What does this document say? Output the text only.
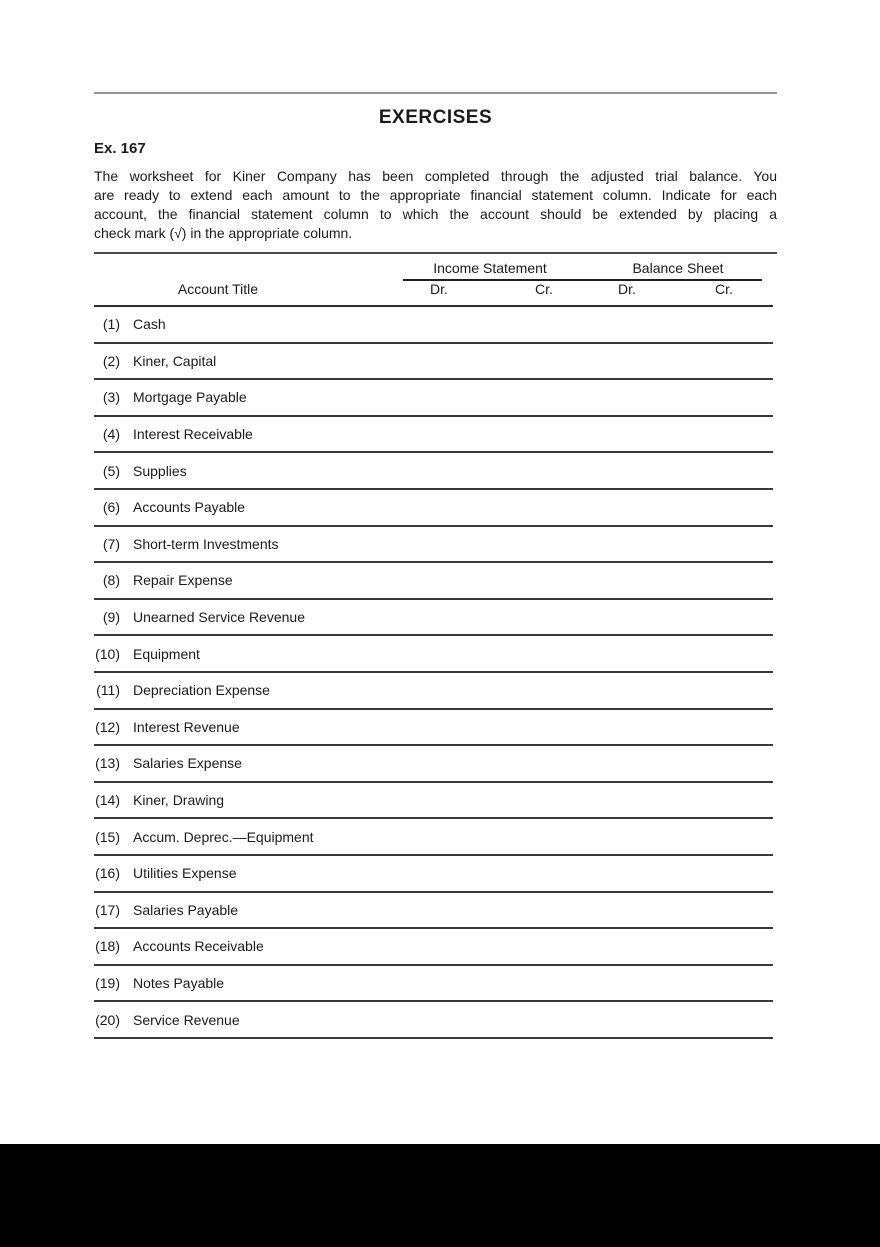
EXERCISES
Ex. 167
The worksheet for Kiner Company has been completed through the adjusted trial balance. You
are ready to extend each amount to the appropriate financial statement column. Indicate for each
account, the financial statement column to which the account should be extended by placing a
check mark (√) in the appropriate column.
Income Statement	Balance Sheet
Account Title	Dr.	Cr.	Dr.	Cr.
(1) Cash
(2) Kiner, Capital
(3) Mortgage Payable
(4) Interest Receivable
(5) Supplies
(6) Accounts Payable
(7) Short-term Investments
(8) Repair Expense
(9) Unearned Service Revenue
(10) Equipment
(11) Depreciation Expense
(12) Interest Revenue
(13) Salaries Expense
(14) Kiner, Drawing
(15) Accum. Deprec.—Equipment
(16) Utilities Expense
(17) Salaries Payable
(18) Accounts Receivable
(19) Notes Payable
(20) Service Revenue
